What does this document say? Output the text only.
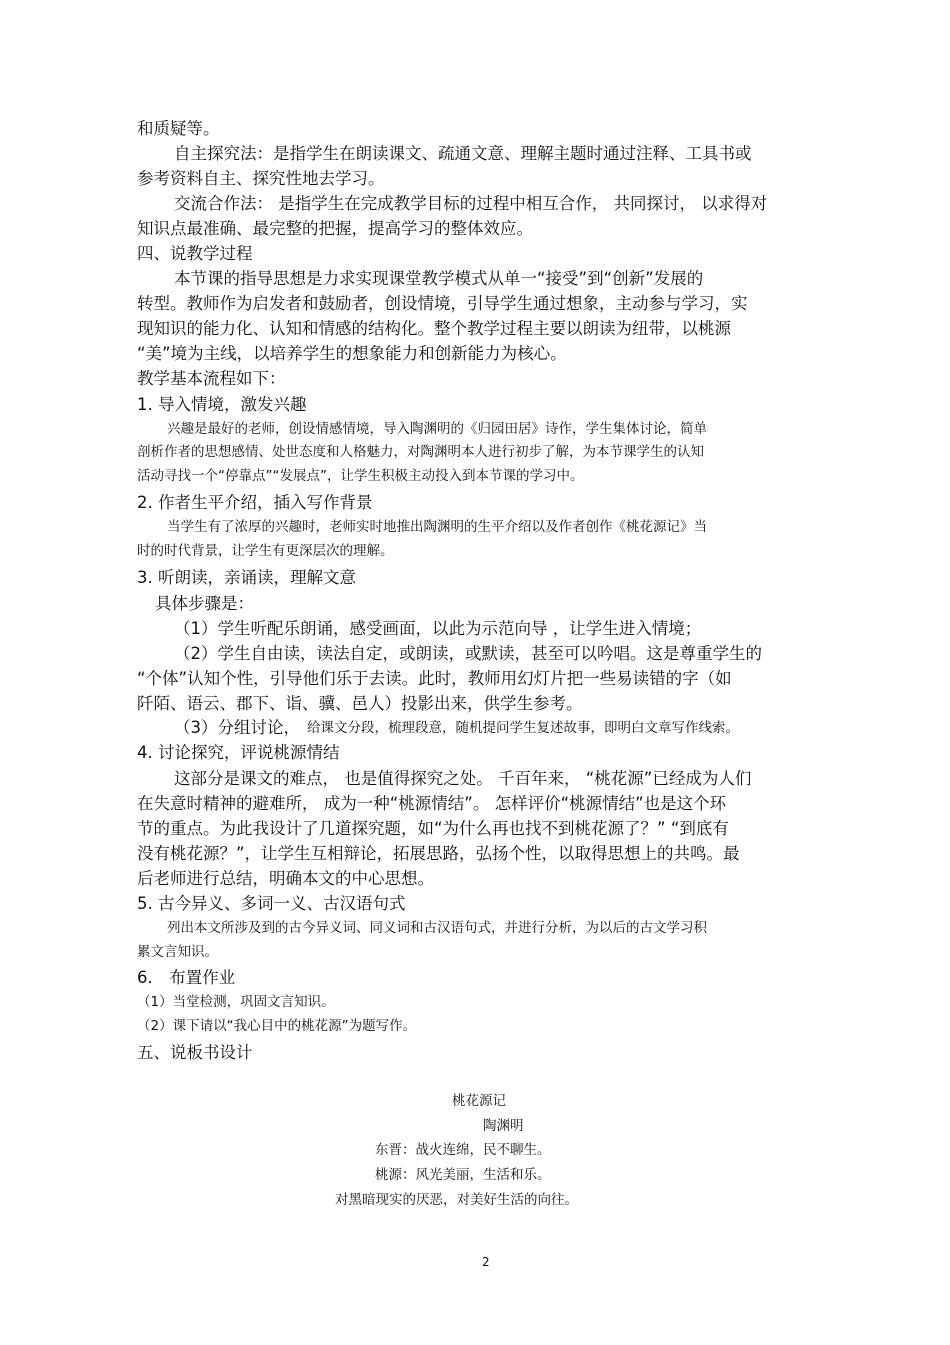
和质疑等。
自主探究法：是指学生在朗读课文、疏通文意、理解主题时通过注释、工具书或
参考资料自主、探究性地去学习。
交流合作法： 是指学生在完成教学目标的过程中相互合作， 共同探讨， 以求得对
知识点最准确、最完整的把握，提高学习的整体效应。
四、说教学过程
本节课的指导思想是力求实现课堂教学模式从单一“接受”到“创新”发展的
转型。教师作为启发者和鼓励者，创设情境，引导学生通过想象，主动参与学习，实
现知识的能力化、认知和情感的结构化。整个教学过程主要以朗读为纽带，以桃源
“美”境为主线，以培养学生的想象能力和创新能力为核心。
教学基本流程如下：
1. 导入情境，激发兴趣
兴趣是最好的老师，创设情感情境，导入陶渊明的《归园田居》诗作，学生集体讨论，简单
剖析作者的思想感情、处世态度和人格魅力，对陶渊明本人进行初步了解，为本节课学生的认知
活动寻找一个“停靠点”“发展点”，让学生积极主动投入到本节课的学习中。
2. 作者生平介绍，插入写作背景
当学生有了浓厚的兴趣时，老师实时地推出陶渊明的生平介绍以及作者创作《桃花源记》当
时的时代背景，让学生有更深层次的理解。
3. 听朗读，亲诵读，理解文意
具体步骤是：
（1）学生听配乐朗诵，感受画面，以此为示范向导 ，让学生进入情境；
（2）学生自由读，读法自定，或朗读，或默读，甚至可以吟唱。这是尊重学生的
“个体”认知个性，引导他们乐于去读。此时，教师用幻灯片把一些易读错的字（如
阡陌、语云、郡下、诣、骥、邑人）投影出来，供学生参考。
（3）分组讨论， 给课文分段，梳理段意，随机提问学生复述故事，即明白文章写作线索。
4. 讨论探究，评说桃源情结
这部分是课文的难点， 也是值得探究之处。 千百年来， “桃花源”已经成为人们
在失意时精神的避难所， 成为一种“桃源情结”。 怎样评价“桃源情结”也是这个环
节的重点。为此我设计了几道探究题，如“为什么再也找不到桃花源了？” “到底有
没有桃花源？”，让学生互相辩论，拓展思路，弘扬个性，以取得思想上的共鸣。最
后老师进行总结，明确本文的中心思想。
5. 古今异义、多词一义、古汉语句式
列出本文所涉及到的古今异义词、同义词和古汉语句式，并进行分析，为以后的古文学习积
累文言知识。
6． 布置作业
（1）当堂检测，巩固文言知识。
（2）课下请以“我心目中的桃花源”为题写作。
五、说板书设计
桃花源记
陶渊明
东晋：战火连绵，民不聊生。
桃源：风光美丽，生活和乐。
对黑暗现实的厌恶，对美好生活的向往。
2
